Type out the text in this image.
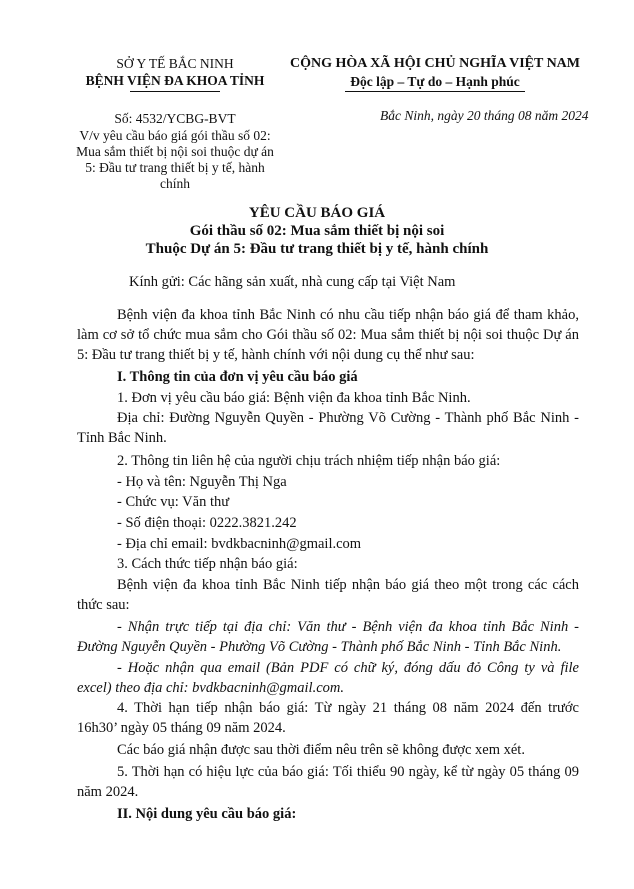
SỞ Y TẾ BẮC NINH
BỆNH VIỆN ĐA KHOA TỈNH
CỘNG HÒA XÃ HỘI CHỦ NGHĨA VIỆT NAM
Độc lập – Tự do – Hạnh phúc
Số: 4532/YCBG-BVT
V/v yêu cầu báo giá gói thầu số 02:
Mua sắm thiết bị nội soi thuộc dự án
5: Đầu tư trang thiết bị y tế, hành
chính
Bắc Ninh, ngày 20 tháng 08 năm 2024
YÊU CẦU BÁO GIÁ
Gói thầu số 02: Mua sắm thiết bị nội soi
Thuộc Dự án 5: Đầu tư trang thiết bị y tế, hành chính
Kính gửi: Các hãng sản xuất, nhà cung cấp tại Việt Nam
Bệnh viện đa khoa tỉnh Bắc Ninh có nhu cầu tiếp nhận báo giá để tham khảo, làm cơ sở tổ chức mua sắm cho Gói thầu số 02: Mua sắm thiết bị nội soi thuộc Dự án 5: Đầu tư trang thiết bị y tế, hành chính với nội dung cụ thể như sau:
I. Thông tin của đơn vị yêu cầu báo giá
1. Đơn vị yêu cầu báo giá: Bệnh viện đa khoa tỉnh Bắc Ninh.
Địa chỉ: Đường Nguyễn Quyền - Phường Võ Cường - Thành phố Bắc Ninh - Tỉnh Bắc Ninh.
2. Thông tin liên hệ của người chịu trách nhiệm tiếp nhận báo giá:
- Họ và tên: Nguyễn Thị Nga
- Chức vụ: Văn thư
- Số điện thoại: 0222.3821.242
- Địa chỉ email: bvdkbacninh@gmail.com
3. Cách thức tiếp nhận báo giá:
Bệnh viện đa khoa tỉnh Bắc Ninh tiếp nhận báo giá theo một trong các cách thức sau:
- Nhận trực tiếp tại địa chỉ: Văn thư - Bệnh viện đa khoa tỉnh Bắc Ninh - Đường Nguyễn Quyền - Phường Võ Cường - Thành phố Bắc Ninh - Tỉnh Bắc Ninh.
- Hoặc nhận qua email (Bản PDF có chữ ký, đóng dấu đỏ Công ty và file excel) theo địa chỉ: bvdkbacninh@gmail.com.
4. Thời hạn tiếp nhận báo giá: Từ ngày 21 tháng 08 năm 2024 đến trước 16h30’ ngày 05 tháng 09 năm 2024.
Các báo giá nhận được sau thời điểm nêu trên sẽ không được xem xét.
5. Thời hạn có hiệu lực của báo giá: Tối thiểu 90 ngày, kể từ ngày 05 tháng 09 năm 2024.
II. Nội dung yêu cầu báo giá:
